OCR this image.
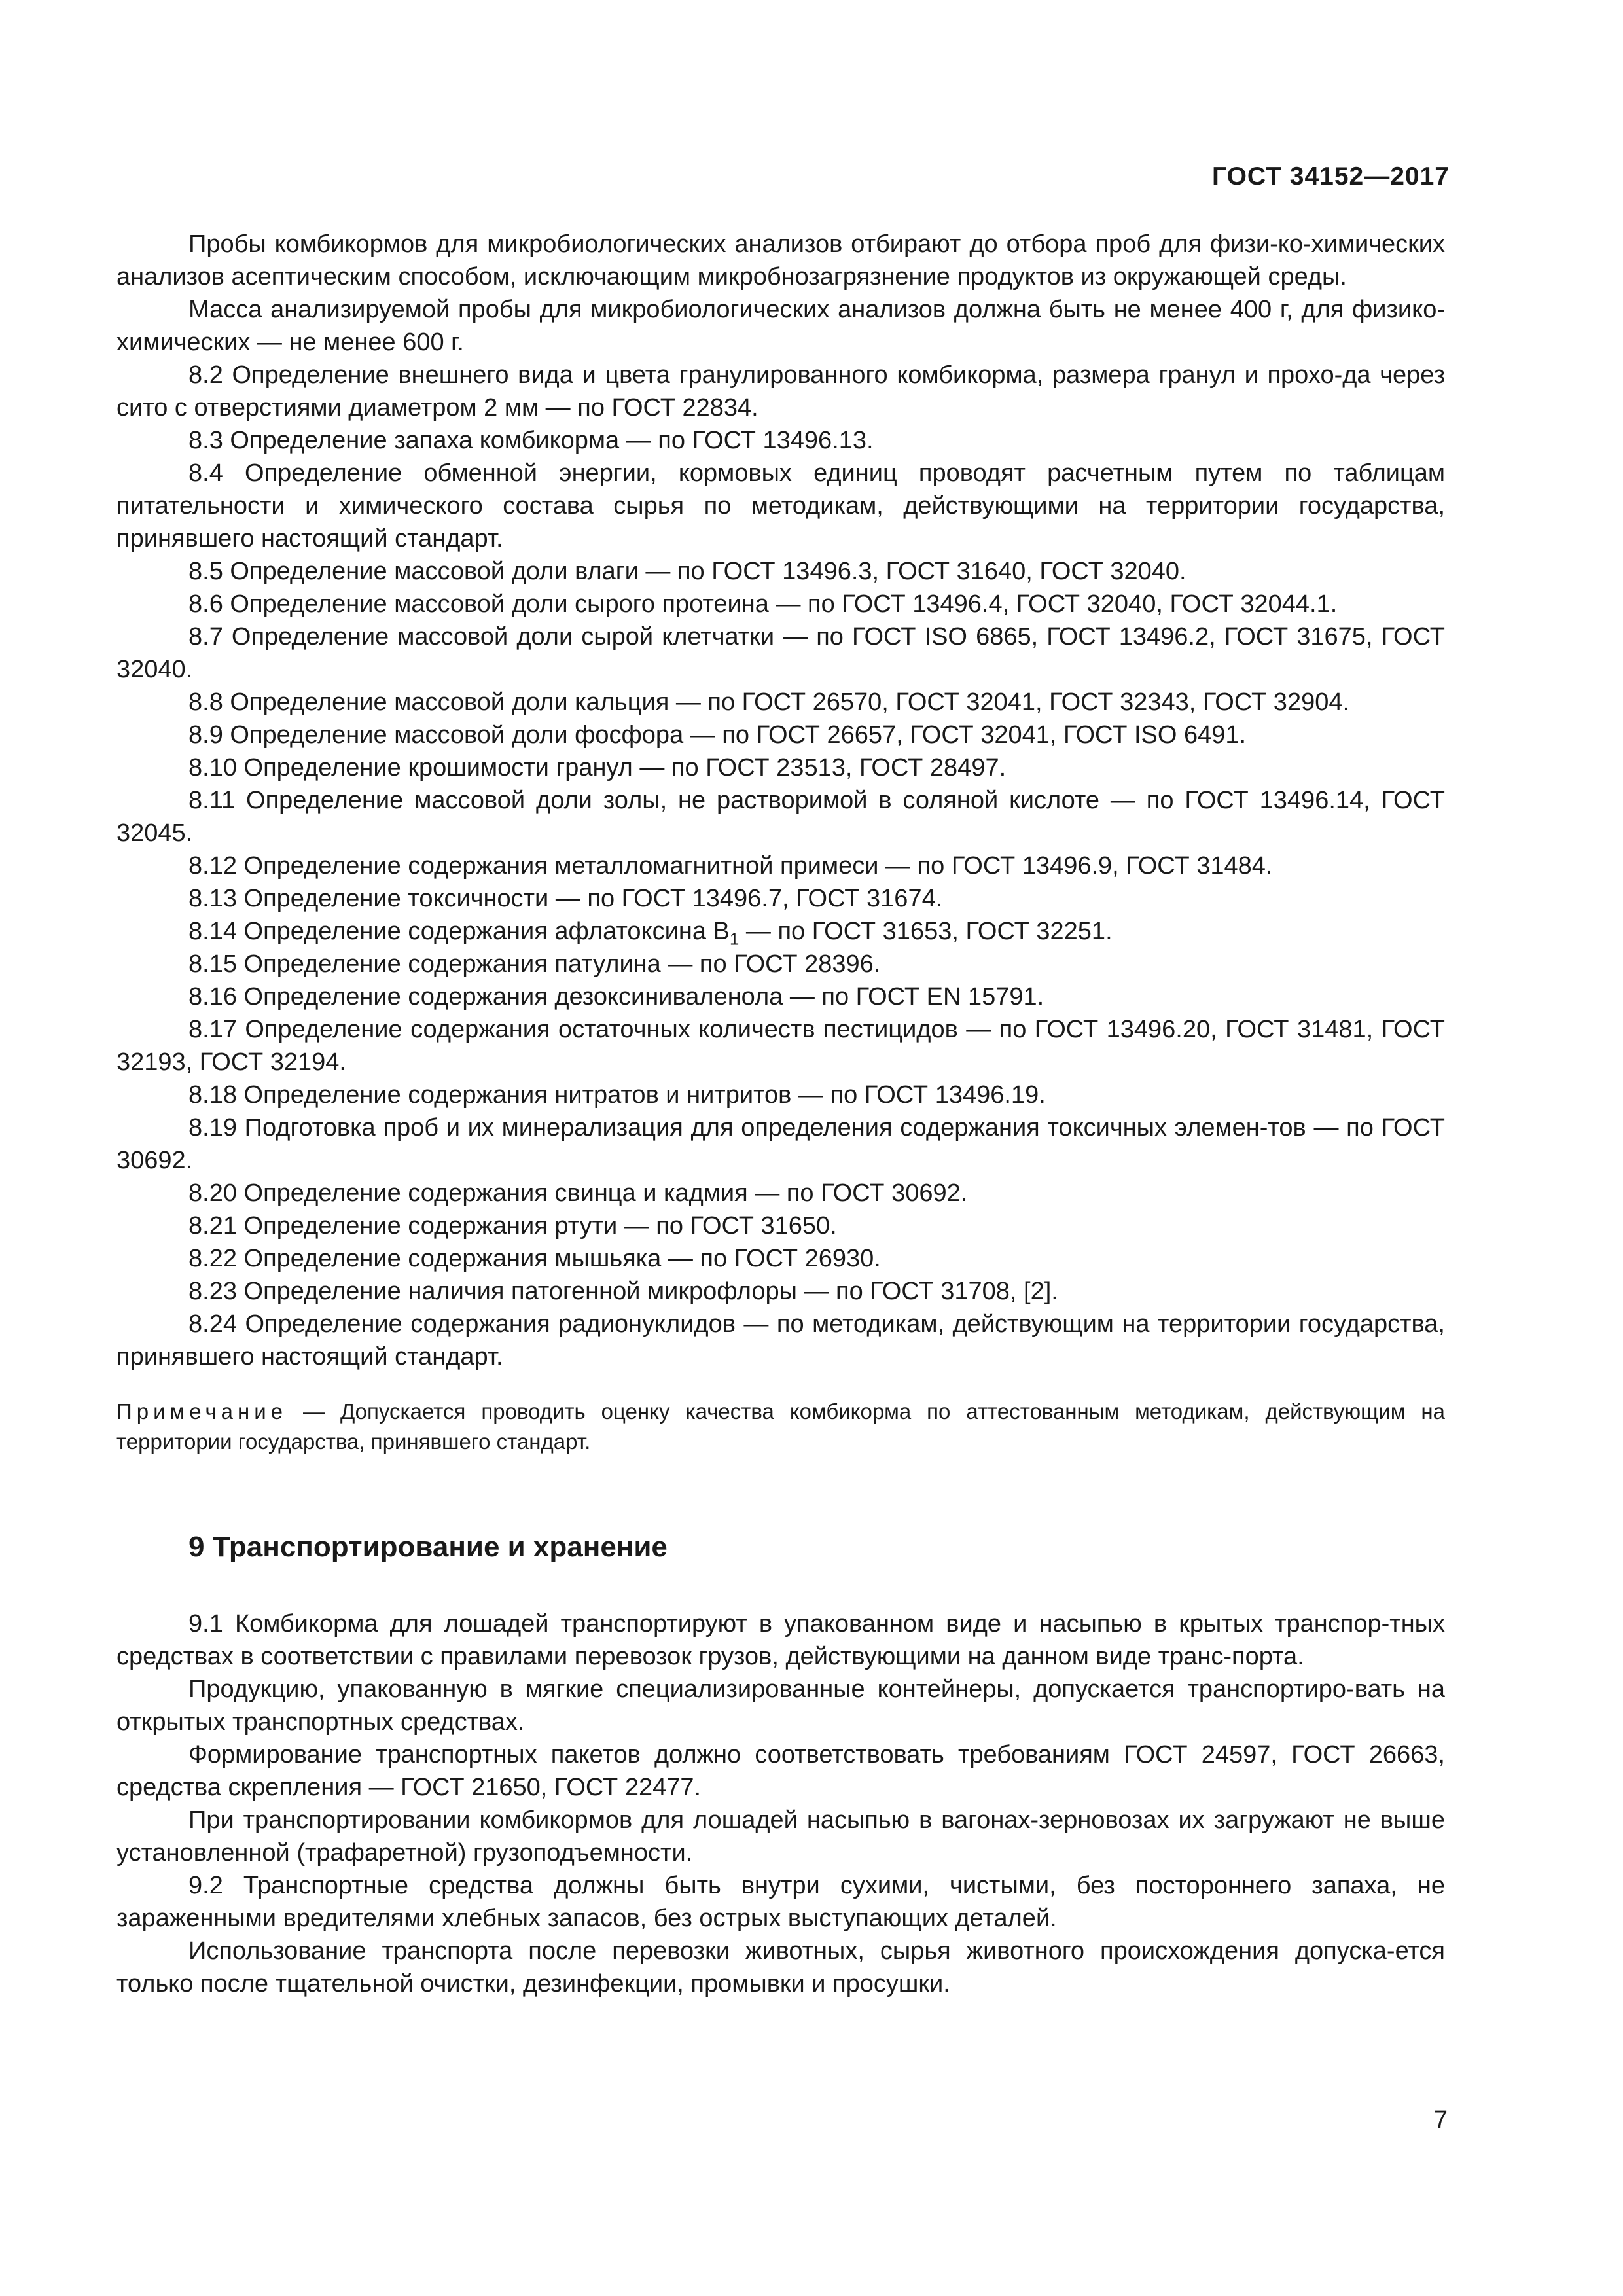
ГОСТ 34152—2017

Пробы комбикормов для микробиологических анализов отбирают до отбора проб для физи-ко-химических анализов асептическим способом, исключающим микробнозагрязнение продуктов из окружающей среды.

Масса анализируемой пробы для микробиологических анализов должна быть не менее 400 г, для физико-химических — не менее 600 г.

8.2 Определение внешнего вида и цвета гранулированного комбикорма, размера гранул и прохо-да через сито с отверстиями диаметром 2 мм — по ГОСТ 22834.

8.3 Определение запаха комбикорма — по ГОСТ 13496.13.

8.4 Определение обменной энергии, кормовых единиц проводят расчетным путем по таблицам питательности и химического состава сырья по методикам, действующими на территории государства, принявшего настоящий стандарт.

8.5 Определение массовой доли влаги — по ГОСТ 13496.3, ГОСТ 31640, ГОСТ 32040.

8.6 Определение массовой доли сырого протеина — по ГОСТ 13496.4, ГОСТ 32040, ГОСТ 32044.1.

8.7 Определение массовой доли сырой клетчатки — по ГОСТ ISO 6865, ГОСТ 13496.2, ГОСТ 31675, ГОСТ 32040.

8.8 Определение массовой доли кальция — по ГОСТ 26570, ГОСТ 32041, ГОСТ 32343, ГОСТ 32904.

8.9 Определение массовой доли фосфора — по ГОСТ 26657, ГОСТ 32041, ГОСТ ISO 6491.

8.10 Определение крошимости гранул — по ГОСТ 23513, ГОСТ 28497.

8.11 Определение массовой доли золы, не растворимой в соляной кислоте — по ГОСТ 13496.14, ГОСТ 32045.

8.12 Определение содержания металломагнитной примеси — по ГОСТ 13496.9, ГОСТ 31484.

8.13 Определение токсичности — по ГОСТ 13496.7, ГОСТ 31674.

8.14 Определение содержания афлатоксина $В_1$ — по ГОСТ 31653, ГОСТ 32251.

8.15 Определение содержания патулина — по ГОСТ 28396.

8.16 Определение содержания дезоксиниваленола — по ГОСТ EN 15791.

8.17 Определение содержания остаточных количеств пестицидов — по ГОСТ 13496.20, ГОСТ 31481, ГОСТ 32193, ГОСТ 32194.

8.18 Определение содержания нитратов и нитритов — по ГОСТ 13496.19.

8.19 Подготовка проб и их минерализация для определения содержания токсичных элемен-тов — по ГОСТ 30692.

8.20 Определение содержания свинца и кадмия — по ГОСТ 30692.

8.21 Определение содержания ртути — по ГОСТ 31650.

8.22 Определение содержания мышьяка — по ГОСТ 26930.

8.23 Определение наличия патогенной микрофлоры — по ГОСТ 31708, [2].

8.24 Определение содержания радионуклидов — по методикам, действующим на территории государства, принявшего настоящий стандарт.

Примечание — Допускается проводить оценку качества комбикорма по аттестованным методикам, действующим на территории государства, принявшего стандарт.

9 Транспортирование и хранение

9.1 Комбикорма для лошадей транспортируют в упакованном виде и насыпью в крытых транспор-тных средствах в соответствии с правилами перевозок грузов, действующими на данном виде транс-порта.

Продукцию, упакованную в мягкие специализированные контейнеры, допускается транспортиро-вать на открытых транспортных средствах.

Формирование транспортных пакетов должно соответствовать требованиям ГОСТ 24597, ГОСТ 26663, средства скрепления — ГОСТ 21650, ГОСТ 22477.

При транспортировании комбикормов для лошадей насыпью в вагонах-зерновозах их загружают не выше установленной (трафаретной) грузоподъемности.

9.2 Транспортные средства должны быть внутри сухими, чистыми, без постороннего запаха, не зараженными вредителями хлебных запасов, без острых выступающих деталей.

Использование транспорта после перевозки животных, сырья животного происхождения допуска-ется только после тщательной очистки, дезинфекции, промывки и просушки.

7
